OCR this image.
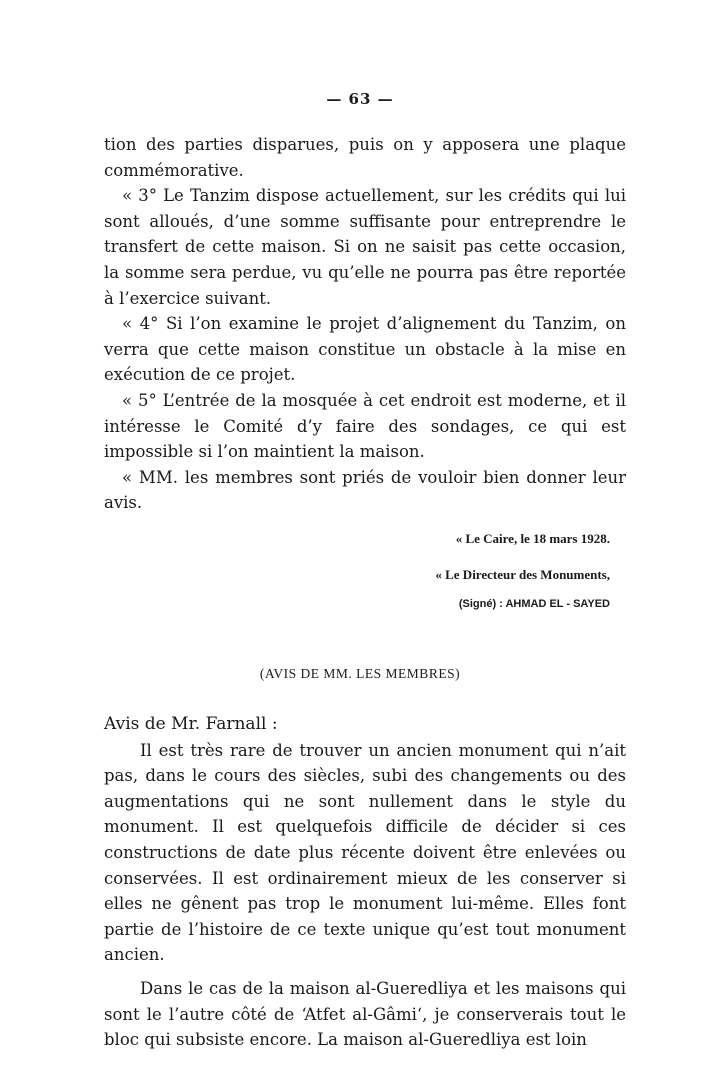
— 63 —

tion des parties disparues, puis on y apposera une plaque commémorative.

« 3° Le Tanzim dispose actuellement, sur les crédits qui lui sont alloués, d’une somme suffisante pour entreprendre le transfert de cette maison. Si on ne saisit pas cette occasion, la somme sera perdue, vu qu’elle ne pourra pas être reportée à l’exercice suivant.

« 4° Si l’on examine le projet d’alignement du Tanzim, on verra que cette maison constitue un obstacle à la mise en exécution de ce projet.

« 5° L’entrée de la mosquée à cet endroit est moderne, et il intéresse le Comité d’y faire des sondages, ce qui est impossible si l’on maintient la maison.

« MM. les membres sont priés de vouloir bien donner leur avis.

« Le Caire, le 18 mars 1928.
« Le Directeur des Monuments,
(Signé) : AHMAD EL - SAYED
(AVIS DE MM. LES MEMBRES)

Avis de Mr. Farnall :

Il est très rare de trouver un ancien monument qui n’ait pas, dans le cours des siècles, subi des changements ou des augmentations qui ne sont nullement dans le style du monument. Il est quelquefois difficile de décider si ces constructions de date plus récente doivent être enlevées ou conservées. Il est ordinairement mieux de les conserver si elles ne gênent pas trop le monument lui-même. Elles font partie de l’histoire de ce texte unique qu’est tout monument ancien.

Dans le cas de la maison al-Gueredliya et les maisons qui sont le l’autre côté de ‘Atfet al-Gâmi‘, je conserverais tout le bloc qui subsiste encore. La maison al-Gueredliya est loin
